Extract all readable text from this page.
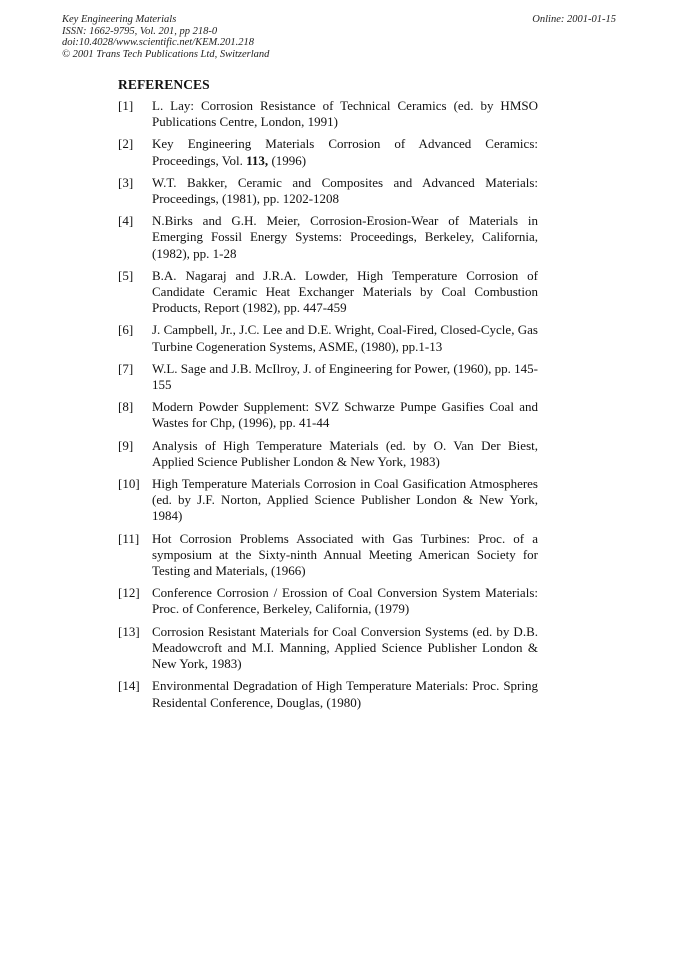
Key Engineering Materials
ISSN: 1662-9795, Vol. 201, pp 218-0
doi:10.4028/www.scientific.net/KEM.201.218
© 2001 Trans Tech Publications Ltd, Switzerland
Online: 2001-01-15
REFERENCES
[1]	L. Lay: Corrosion Resistance of Technical Ceramics (ed. by HMSO Publications Centre, London, 1991)
[2]	Key Engineering Materials Corrosion of Advanced Ceramics: Proceedings, Vol. 113, (1996)
[3]	W.T. Bakker, Ceramic and Composites and Advanced Materials: Proceedings, (1981), pp. 1202-1208
[4]	N.Birks and G.H. Meier, Corrosion-Erosion-Wear of Materials in Emerging Fossil Energy Systems: Proceedings, Berkeley, California, (1982), pp. 1-28
[5]	B.A. Nagaraj and J.R.A. Lowder, High Temperature Corrosion of Candidate Ceramic Heat Exchanger Materials by Coal Combustion Products, Report (1982), pp. 447-459
[6]	J. Campbell, Jr., J.C. Lee and D.E. Wright, Coal-Fired, Closed-Cycle, Gas Turbine Cogeneration Systems, ASME, (1980), pp.1-13
[7]	W.L. Sage and J.B. McIlroy, J. of Engineering for Power, (1960), pp. 145-155
[8]	Modern Powder Supplement: SVZ Schwarze Pumpe Gasifies Coal and Wastes for Chp, (1996), pp. 41-44
[9]	Analysis of High Temperature Materials (ed. by O. Van Der Biest, Applied Science Publisher London & New York, 1983)
[10] High Temperature Materials Corrosion in Coal Gasification Atmospheres (ed. by J.F. Norton, Applied Science Publisher London & New York, 1984)
[11] Hot Corrosion Problems Associated with Gas Turbines: Proc. of a symposium at the Sixty-ninth Annual Meeting American Society for Testing and Materials, (1966)
[12] Conference Corrosion / Erossion of Coal Conversion System Materials: Proc. of Conference, Berkeley, California, (1979)
[13] Corrosion Resistant Materials for Coal Conversion Systems (ed. by D.B. Meadowcroft and M.I. Manning, Applied Science Publisher London & New York, 1983)
[14] Environmental Degradation of High Temperature Materials: Proc. Spring Residental Conference, Douglas, (1980)
